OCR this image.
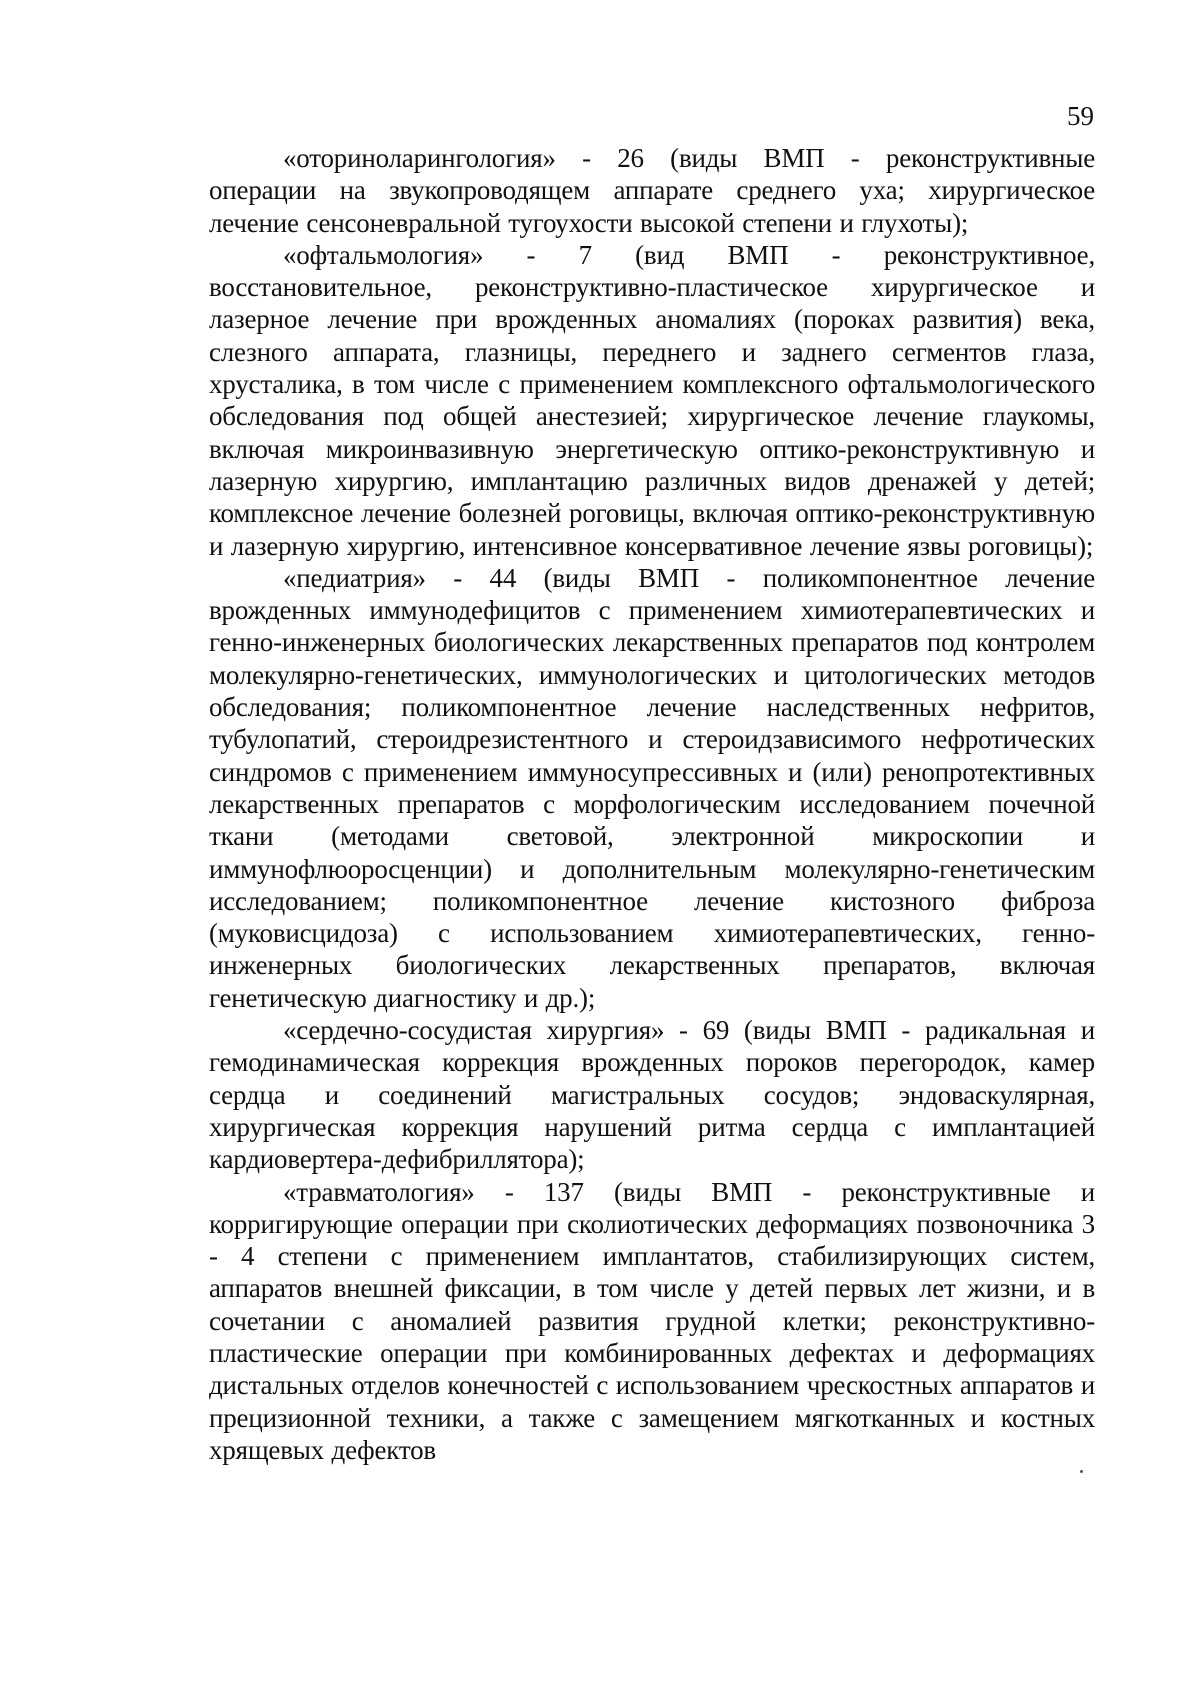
59

«оториноларингология» - 26 (виды ВМП - реконструктивные операции на звукопроводящем аппарате среднего уха; хирургическое лечение сенсоневральной тугоухости высокой степени и глухоты);

«офтальмология» - 7 (вид ВМП - реконструктивное, восстановительное, реконструктивно-пластическое хирургическое и лазерное лечение при врожденных аномалиях (пороках развития) века, слезного аппарата, глазницы, переднего и заднего сегментов глаза, хрусталика, в том числе с применением комплексного офтальмологического обследования под общей анестезией; хирургическое лечение глаукомы, включая микроинвазивную энергетическую оптико-реконструктивную и лазерную хирургию, имплантацию различных видов дренажей у детей; комплексное лечение болезней роговицы, включая оптико-реконструктивную и лазерную хирургию, интенсивное консервативное лечение язвы роговицы);

«педиатрия» - 44 (виды ВМП - поликомпонентное лечение врожденных иммунодефицитов с применением химиотерапевтических и генно-инженерных биологических лекарственных препаратов под контролем молекулярно-генетических, иммунологических и цитологических методов обследования; поликомпонентное лечение наследственных нефритов, тубулопатий, стероидрезистентного и стероидзависимого нефротических синдромов с применением иммуносупрессивных и (или) ренопротективных лекарственных препаратов с морфологическим исследованием почечной ткани (методами световой, электронной микроскопии и иммунофлюоросценции) и дополнительным молекулярно-генетическим исследованием; поликомпонентное лечение кистозного фиброза (муковисцидоза) с использованием химиотерапевтических, генно-инженерных биологических лекарственных препаратов, включая генетическую диагностику и др.);

«сердечно-сосудистая хирургия» - 69 (виды ВМП - радикальная и гемодинамическая коррекция врожденных пороков перегородок, камер сердца и соединений магистральных сосудов; эндоваскулярная, хирургическая коррекция нарушений ритма сердца с имплантацией кардиовертера-дефибриллятора);

«травматология» - 137 (виды ВМП - реконструктивные и корригирующие операции при сколиотических деформациях позвоночника 3 - 4 степени с применением имплантатов, стабилизирующих систем, аппаратов внешней фиксации, в том числе у детей первых лет жизни, и в сочетании с аномалией развития грудной клетки; реконструктивно-пластические операции при комбинированных дефектах и деформациях дистальных отделов конечностей с использованием чрескостных аппаратов и прецизионной техники, а также с замещением мягкотканных и костных хрящевых дефектов
